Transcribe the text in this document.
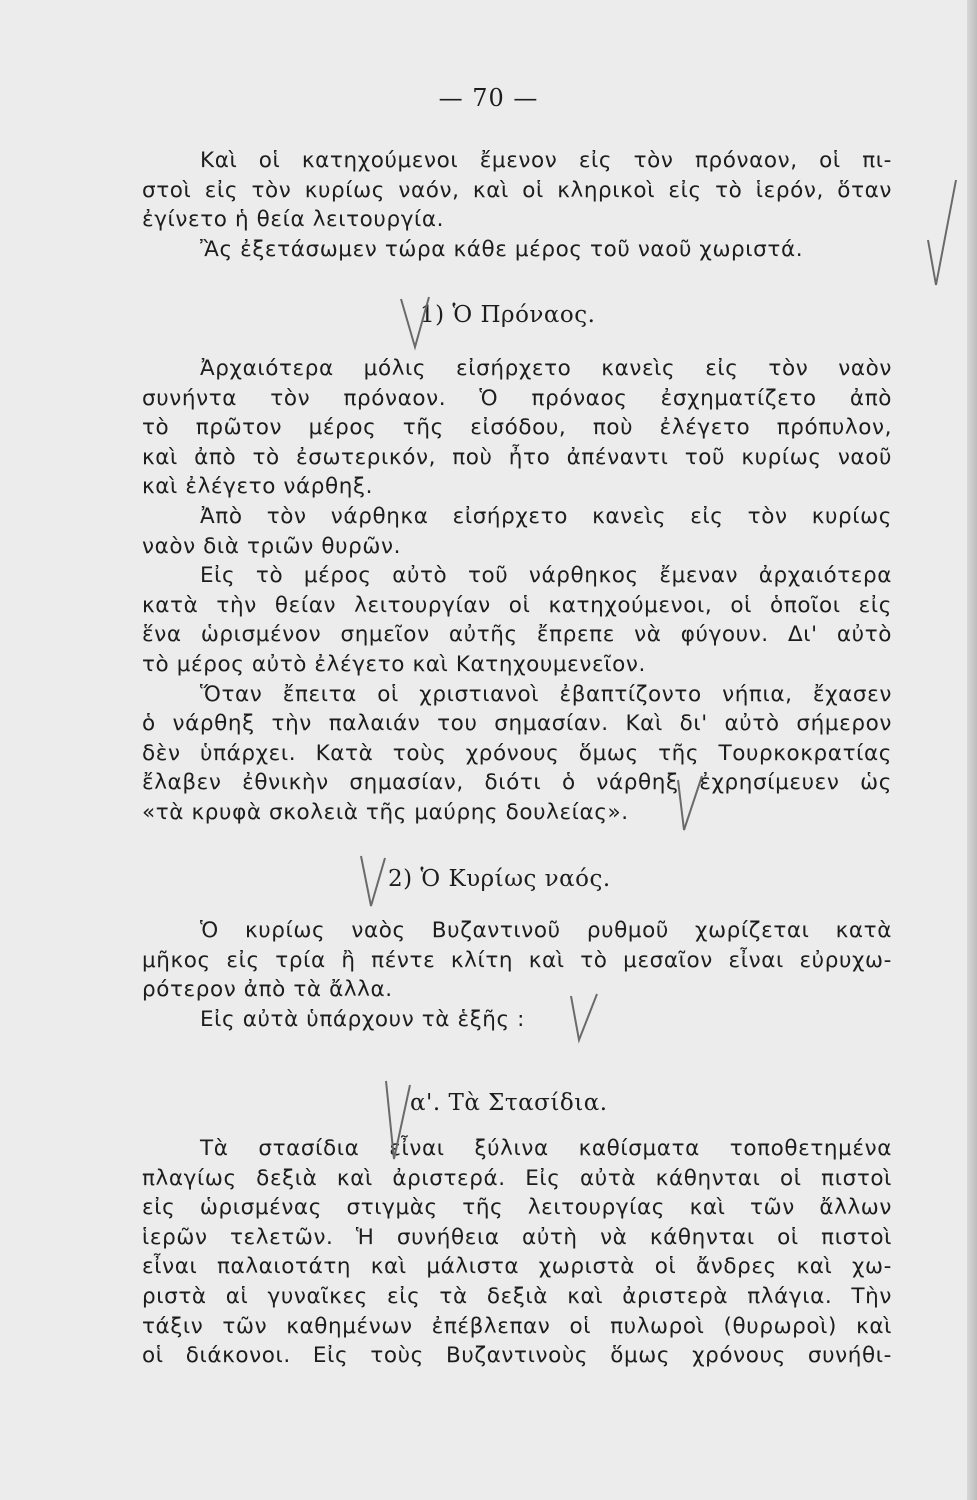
— 70 —
Καὶ οἱ κατηχούμενοι ἔμενον εἰς τὸν πρόναον, οἱ πι-
στοὶ εἰς τὸν κυρίως ναόν, καὶ οἱ κληρικοὶ εἰς τὸ ἱερόν, ὅταν
ἐγίνετο ἡ θεία λειτουργία.
Ἂς ἐξετάσωμεν τώρα κάθε μέρος τοῦ ναοῦ χωριστά.
1) Ὁ Πρόναος.
Ἀρχαιότερα μόλις εἰσήρχετο κανεὶς εἰς τὸν ναὸν
συνήντα τὸν πρόναον. Ὁ πρόναος ἐσχηματίζετο ἀπὸ
τὸ πρῶτον μέρος τῆς εἰσόδου, ποὺ ἐλέγετο πρόπυλον,
καὶ ἀπὸ τὸ ἐσωτερικόν, ποὺ ἦτο ἀπέναντι τοῦ κυρίως ναοῦ
καὶ ἐλέγετο νάρθηξ.
Ἀπὸ τὸν νάρθηκα εἰσήρχετο κανεὶς εἰς τὸν κυρίως
ναὸν διὰ τριῶν θυρῶν.
Εἰς τὸ μέρος αὐτὸ τοῦ νάρθηκος ἔμεναν ἀρχαιότερα
κατὰ τὴν θείαν λειτουργίαν οἱ κατηχούμενοι, οἱ ὁποῖοι εἰς
ἕνα ὡρισμένον σημεῖον αὐτῆς ἔπρεπε νὰ φύγουν. Δι' αὐτὸ
τὸ μέρος αὐτὸ ἐλέγετο καὶ Κατηχουμενεῖον.
Ὅταν ἔπειτα οἱ χριστιανοὶ ἐβαπτίζοντο νήπια, ἔχασεν
ὁ νάρθηξ τὴν παλαιάν του σημασίαν. Καὶ δι' αὐτὸ σήμερον
δὲν ὑπάρχει. Κατὰ τοὺς χρόνους ὅμως τῆς Τουρκοκρατίας
ἔλαβεν ἐθνικὴν σημασίαν, διότι ὁ νάρθηξ ἐχρησίμευεν ὡς
«τὰ κρυφὰ σκολειὰ τῆς μαύρης δουλείας».
2) Ὁ Κυρίως ναός.
Ὁ κυρίως ναὸς Βυζαντινοῦ ρυθμοῦ χωρίζεται κατὰ
μῆκος εἰς τρία ἢ πέντε κλίτη καὶ τὸ μεσαῖον εἶναι εὐρυχω-
ρότερον ἀπὸ τὰ ἄλλα.
Εἰς αὐτὰ ὑπάρχουν τὰ ἑξῆς :
α'. Τὰ Στασίδια.
Τὰ στασίδια εἶναι ξύλινα καθίσματα τοποθετημένα
πλαγίως δεξιὰ καὶ ἀριστερά. Εἰς αὐτὰ κάθηνται οἱ πιστοὶ
εἰς ὡρισμένας στιγμὰς τῆς λειτουργίας καὶ τῶν ἄλλων
ἱερῶν τελετῶν. Ἡ συνήθεια αὐτὴ νὰ κάθηνται οἱ πιστοὶ
εἶναι παλαιοτάτη καὶ μάλιστα χωριστὰ οἱ ἄνδρες καὶ χω-
ριστὰ αἱ γυναῖκες εἰς τὰ δεξιὰ καὶ ἀριστερὰ πλάγια. Τὴν
τάξιν τῶν καθημένων ἐπέβλεπαν οἱ πυλωροὶ (θυρωροὶ) καὶ
οἱ διάκονοι. Εἰς τοὺς Βυζαντινοὺς ὅμως χρόνους συνήθι-
